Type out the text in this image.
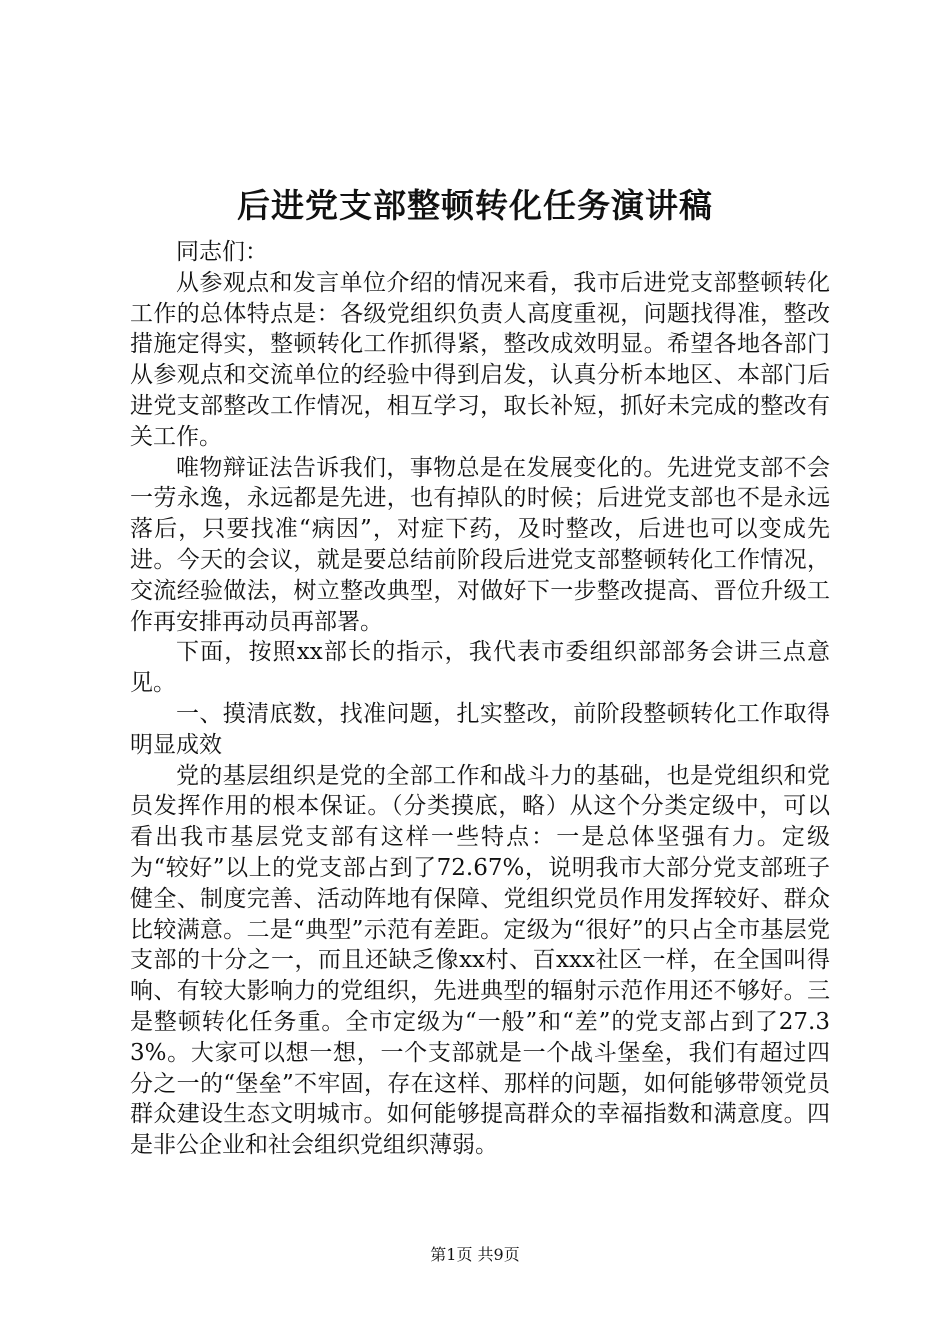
后进党支部整顿转化任务演讲稿

同志们：

从参观点和发言单位介绍的情况来看，我市后进党支部整顿转化工作的总体特点是：各级党组织负责人高度重视，问题找得准，整改措施定得实，整顿转化工作抓得紧，整改成效明显。希望各地各部门从参观点和交流单位的经验中得到启发，认真分析本地区、本部门后进党支部整改工作情况，相互学习，取长补短，抓好未完成的整改有关工作。

唯物辩证法告诉我们，事物总是在发展变化的。先进党支部不会一劳永逸，永远都是先进，也有掉队的时候；后进党支部也不是永远落后，只要找准“病因”，对症下药，及时整改，后进也可以变成先进。今天的会议，就是要总结前阶段后进党支部整顿转化工作情况，交流经验做法，树立整改典型，对做好下一步整改提高、晋位升级工作再安排再动员再部署。

下面，按照xx部长的指示，我代表市委组织部部务会讲三点意见。

一、摸清底数，找准问题，扎实整改，前阶段整顿转化工作取得明显成效

党的基层组织是党的全部工作和战斗力的基础，也是党组织和党员发挥作用的根本保证。（分类摸底，略）从这个分类定级中，可以看出我市基层党支部有这样一些特点：一是总体坚强有力。定级为“较好”以上的党支部占到了72.67%，说明我市大部分党支部班子健全、制度完善、活动阵地有保障、党组织党员作用发挥较好、群众比较满意。二是“典型”示范有差距。定级为“很好”的只占全市基层党支部的十分之一，而且还缺乏像xx村、百xxx社区一样，在全国叫得响、有较大影响力的党组织，先进典型的辐射示范作用还不够好。三是整顿转化任务重。全市定级为“一般”和“差”的党支部占到了27.33%。大家可以想一想，一个支部就是一个战斗堡垒，我们有超过四分之一的“堡垒”不牢固，存在这样、那样的问题，如何能够带领党员群众建设生态文明城市。如何能够提高群众的幸福指数和满意度。四是非公企业和社会组织党组织薄弱。

第1页 共9页
